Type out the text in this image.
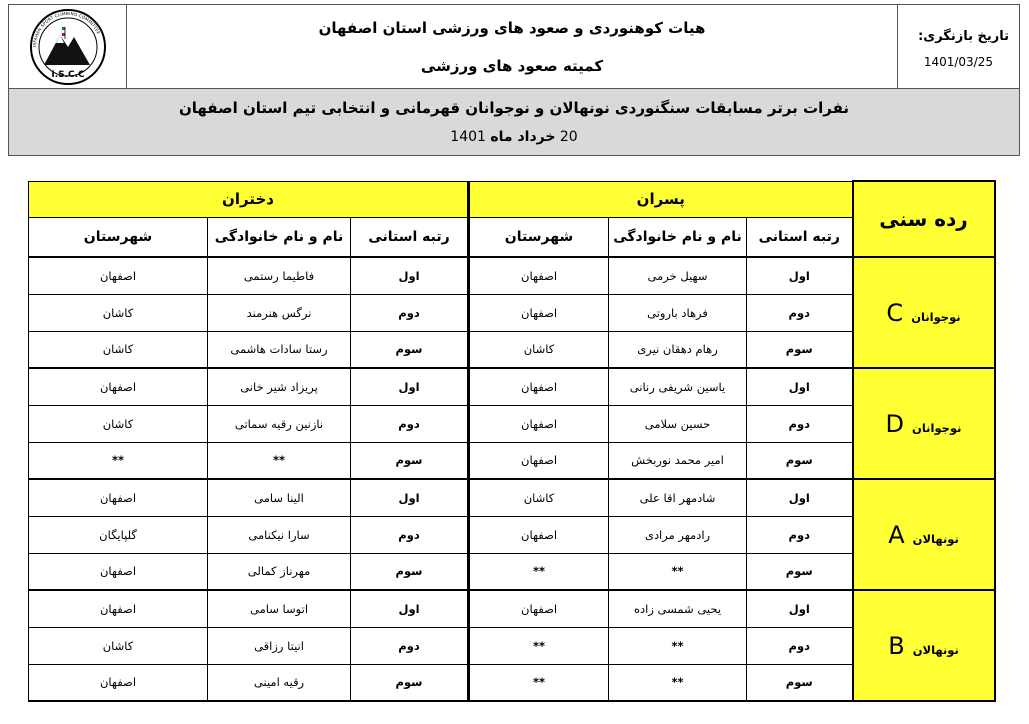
ISFAHAN SPORT CLIMBING COMMITTEE
I.S.C.C
هیات کوهنوردی و صعود های ورزشی استان اصفهان
کمیته صعود های ورزشی
تاریخ بازنگری:
1401/03/25
نفرات برتر مسابقات سنگنوردی نونهالان و نوجوانان قهرمانی و انتخابی تیم استان اصفهان
20 خرداد ماه 1401
رده سنی	پسران			دختران		
	رتبه استانی	نام و نام خانوادگی	شهرستان	رتبه استانی	نام و نام خانوادگی	شهرستان
نوجوانان C	اول	سهیل خرمی	اصفهان	اول	فاطیما رستمی	اصفهان
	دوم	فرهاد باروتی	اصفهان	دوم	نرگس هنرمند	کاشان
	سوم	رهام دهقان نیری	کاشان	سوم	رستا سادات هاشمی	کاشان
نوجوانان D	اول	یاسین شریفی رنانی	اصفهان	اول	پریزاد شیر خانی	اصفهان
	دوم	حسین سلامی	اصفهان	دوم	نازنین رقیه سماتی	کاشان
	سوم	امیر محمد نوربخش	اصفهان	سوم	**	**
نونهالان A	اول	شادمهر اقا علی	کاشان	اول	الینا سامی	اصفهان
	دوم	رادمهر مرادی	اصفهان	دوم	سارا نیکنامی	گلپایگان
	سوم	**	**	سوم	مهرناز کمالی	اصفهان
نونهالان B	اول	یحیی شمسی زاده	اصفهان	اول	اتوسا سامی	اصفهان
	دوم	**	**	دوم	انیتا رزاقی	کاشان
	سوم	**	**	سوم	رقیه امینی	اصفهان
